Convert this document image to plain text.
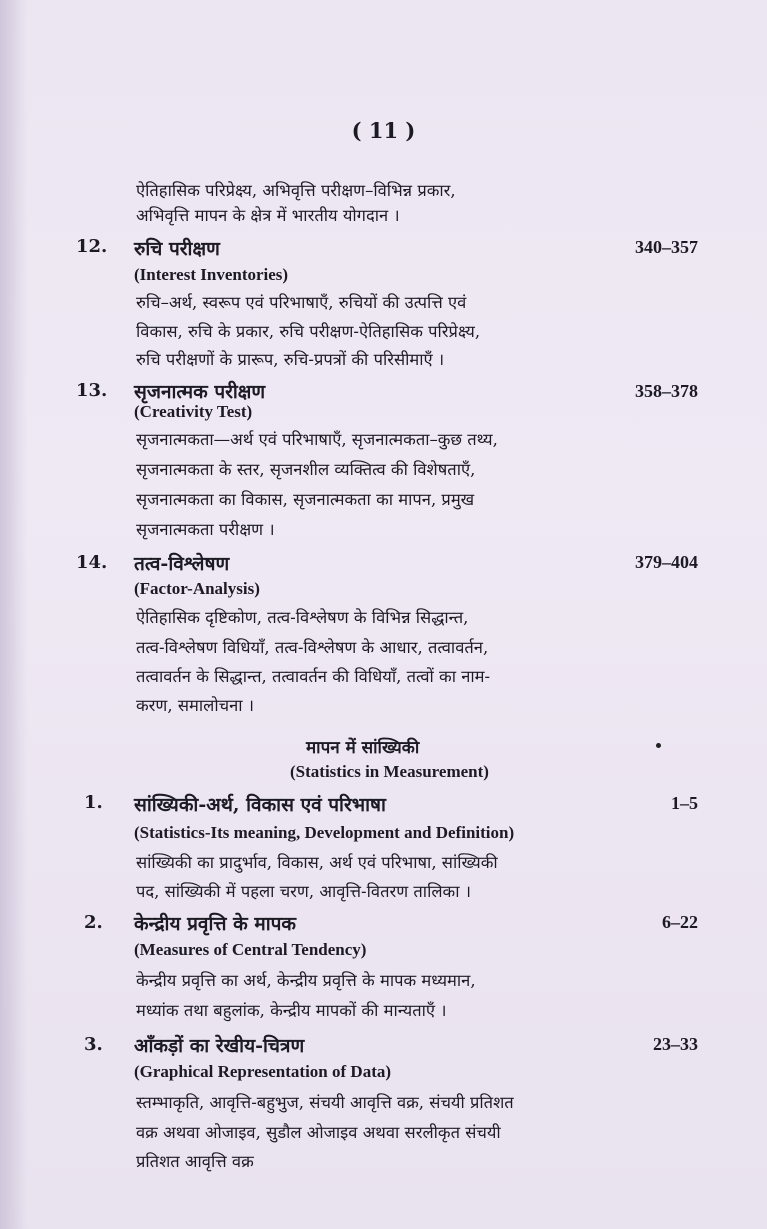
( 11 )
ऐतिहासिक परिप्रेक्ष्य, अभिवृत्ति परीक्षण–विभिन्न प्रकार,
अभिवृत्ति मापन के क्षेत्र में भारतीय योगदान ।
12. रुचि परीक्षण	340–357
(Interest Inventories)
रुचि–अर्थ, स्वरूप एवं परिभाषाएँ, रुचियों की उत्पत्ति एवं
विकास, रुचि के प्रकार, रुचि परीक्षण-ऐतिहासिक परिप्रेक्ष्य,
रुचि परीक्षणों के प्रारूप, रुचि-प्रपत्रों की परिसीमाएँ ।
13. सृजनात्मक परीक्षण	358–378
(Creativity Test)
सृजनात्मकता—अर्थ एवं परिभाषाएँ, सृजनात्मकता–कुछ तथ्य,
सृजनात्मकता के स्तर, सृजनशील व्यक्तित्व की विशेषताएँ,
सृजनात्मकता का विकास, सृजनात्मकता का मापन, प्रमुख
सृजनात्मकता परीक्षण ।
14. तत्व-विश्लेषण	379–404
(Factor-Analysis)
ऐतिहासिक दृष्टिकोण, तत्व-विश्लेषण के विभिन्न सिद्धान्त,
तत्व-विश्लेषण विधियाँ, तत्व-विश्लेषण के आधार, तत्वावर्तन,
तत्वावर्तन के सिद्धान्त, तत्वावर्तन की विधियाँ, तत्वों का नाम-
करण, समालोचना ।
मापन में सांख्यिकी
(Statistics in Measurement)
1. सांख्यिकी-अर्थ, विकास एवं परिभाषा	1–5
(Statistics-Its meaning, Development and Definition)
सांख्यिकी का प्रादुर्भाव, विकास, अर्थ एवं परिभाषा, सांख्यिकी
पद, सांख्यिकी में पहला चरण, आवृत्ति-वितरण तालिका ।
2. केन्द्रीय प्रवृत्ति के मापक	6–22
(Measures of Central Tendency)
केन्द्रीय प्रवृत्ति का अर्थ, केन्द्रीय प्रवृत्ति के मापक मध्यमान,
मध्यांक तथा बहुलांक, केन्द्रीय मापकों की मान्यताएँ ।
3. आँकड़ों का रेखीय-चित्रण	23–33
(Graphical Representation of Data)
स्तम्भाकृति, आवृत्ति-बहुभुज, संचयी आवृत्ति वक्र, संचयी प्रतिशत
वक्र अथवा ओजाइव, सुडौल ओजाइव अथवा सरलीकृत संचयी
प्रतिशत आवृत्ति वक्र
